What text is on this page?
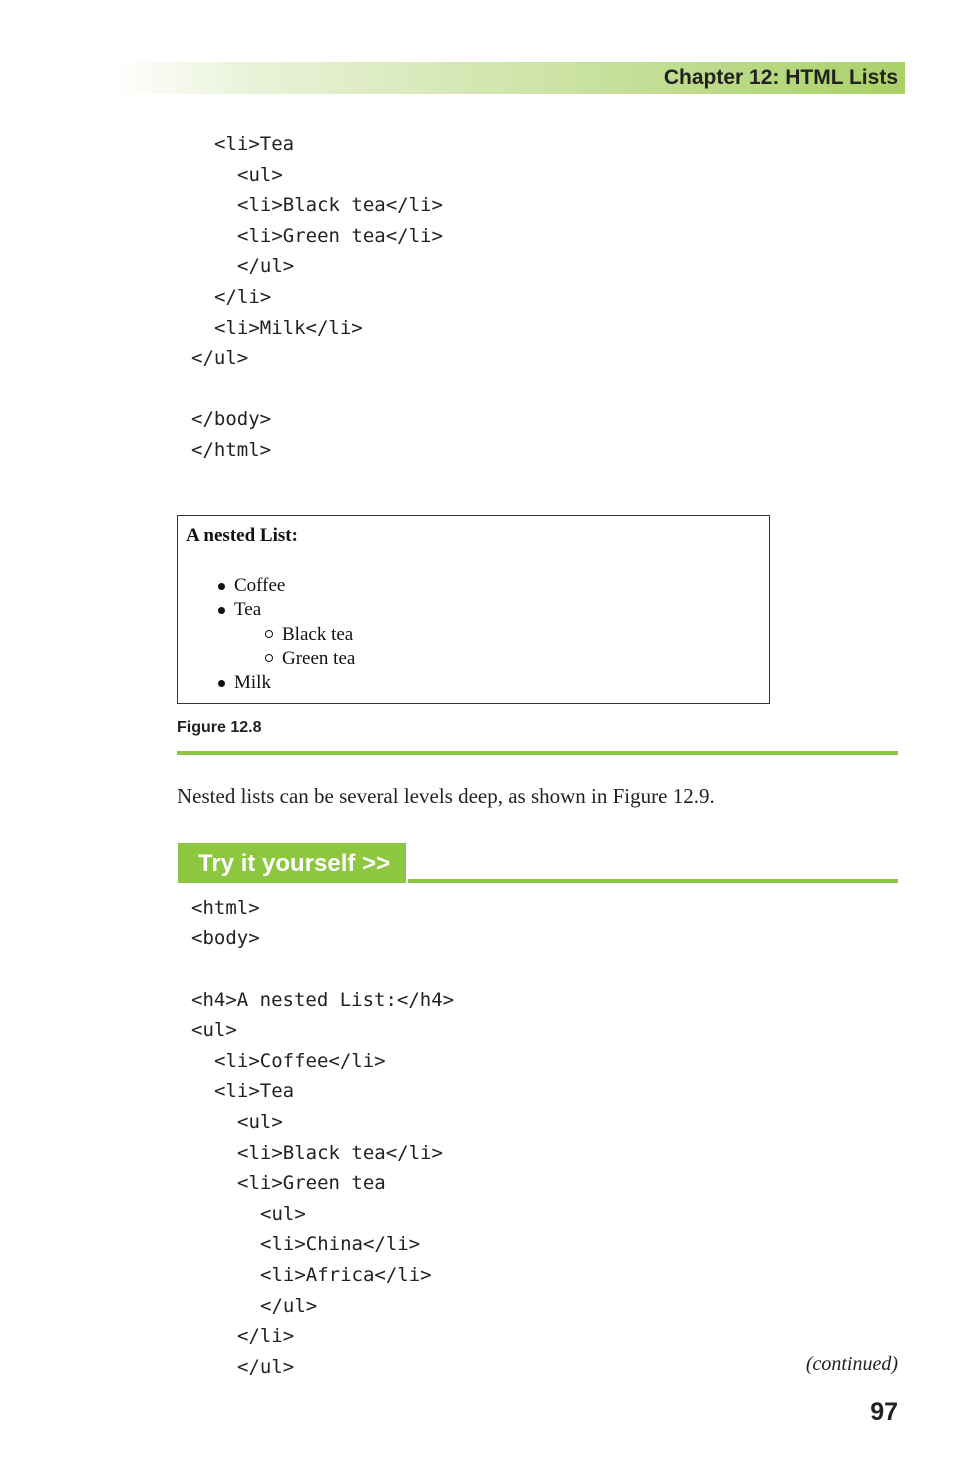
Chapter 12: HTML Lists
<li>Tea
<ul>
<li>Black tea</li>
<li>Green tea</li>
</ul>
</li>
<li>Milk</li>
</ul>
</body>
</html>
A nested List:
Coffee
Tea
Black tea
Green tea
Milk
Figure 12.8
Nested lists can be several levels deep, as shown in Figure 12.9.
Try it yourself >>
<html>
<body>
<h4>A nested List:</h4>
<ul>
<li>Coffee</li>
<li>Tea
<ul>
<li>Black tea</li>
<li>Green tea
<ul>
<li>China</li>
<li>Africa</li>
</ul>
</li>
</ul>	(continued)
97
